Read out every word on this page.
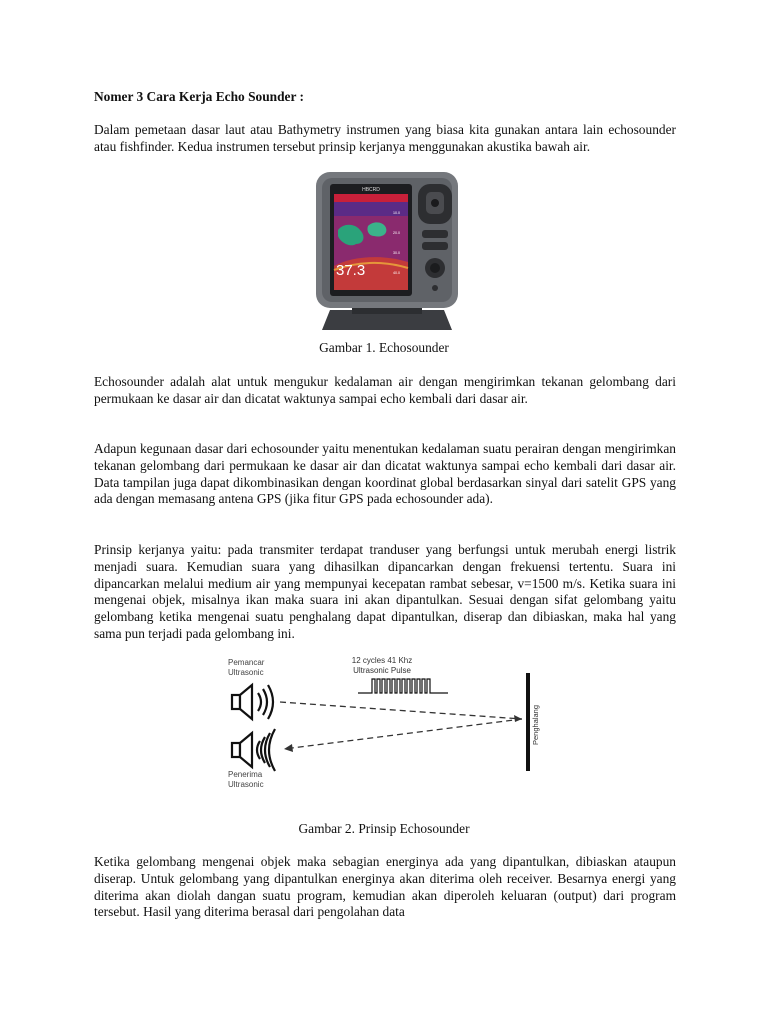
Nomer 3 Cara Kerja Echo Sounder :

Dalam pemetaan dasar laut atau Bathymetry instrumen yang biasa kita gunakan antara lain echosounder atau fishfinder. Kedua instrumen tersebut prinsip kerjanya menggunakan akustika bawah air.

HBCRD
10.0
20.0
30.0
40.0
37.3
Gambar 1. Echosounder

Echosounder adalah alat untuk mengukur kedalaman air dengan mengirimkan tekanan gelombang dari permukaan ke dasar air dan dicatat waktunya sampai echo kembali dari dasar air.

Adapun kegunaan dasar dari echosounder yaitu menentukan kedalaman suatu perairan dengan mengirimkan tekanan gelombang dari permukaan ke dasar air dan dicatat waktunya sampai echo kembali dari dasar air. Data tampilan juga dapat dikombinasikan dengan koordinat global berdasarkan sinyal dari satelit GPS yang ada dengan memasang antena GPS (jika fitur GPS pada echosounder ada).

Prinsip kerjanya yaitu: pada transmiter terdapat tranduser yang berfungsi untuk merubah energi listrik menjadi suara. Kemudian suara yang dihasilkan dipancarkan dengan frekuensi tertentu. Suara ini dipancarkan melalui medium air yang mempunyai kecepatan rambat sebesar, v=1500 m/s. Ketika suara ini mengenai objek, misalnya ikan maka suara ini akan dipantulkan. Sesuai dengan sifat gelombang yaitu gelombang ketika mengenai suatu penghalang dapat dipantulkan, diserap dan dibiaskan, maka hal yang sama pun terjadi pada gelombang ini.

Pemancar
Ultrasonic
Penerima
Ultrasonic
12 cycles 41 Khz
Ultrasonic Pulse
Penghalang
Gambar 2. Prinsip Echosounder

Ketika gelombang mengenai objek maka sebagian energinya ada yang dipantulkan, dibiaskan ataupun diserap. Untuk gelombang yang dipantulkan energinya akan diterima oleh receiver. Besarnya energi yang diterima akan diolah dangan suatu program, kemudian akan diperoleh keluaran (output) dari program tersebut. Hasil yang diterima berasal dari pengolahan data
